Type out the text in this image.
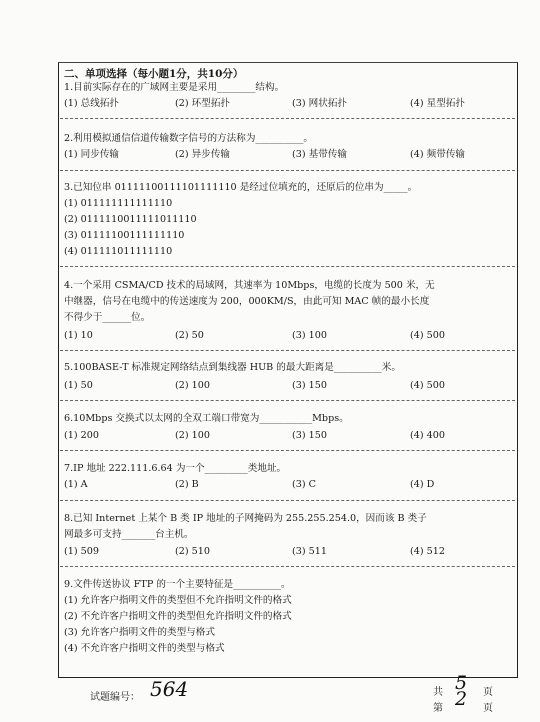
二、单项选择（每小题1分，共10分）
1.目前实际存在的广域网主要是采用________结构。
(1) 总线拓扑	(2) 环型拓扑	(3) 网状拓扑	(4) 星型拓扑
2.利用模拟通信信道传输数字信号的方法称为__________。
(1) 同步传输	(2) 异步传输	(3) 基带传输	(4) 频带传输
3.已知位串 01111100111101111110 是经过位填充的，还原后的位串为_____。
(1) 011111111111110
(2) 0111110011111011110
(3) 01111100111111110
(4) 011111011111110
4.一个采用 CSMA/CD 技术的局域网，其速率为 10Mbps，电缆的长度为 500 米，无
中继器，信号在电缆中的传送速度为 200，000KM/S，由此可知 MAC 帧的最小长度
不得少于______位。
(1) 10	(2) 50	(3) 100	(4) 500
5.100BASE-T 标准规定网络结点到集线器 HUB 的最大距离是__________米。
(1) 50	(2) 100	(3) 150	(4) 500
6.10Mbps 交换式以太网的全双工端口带宽为___________Mbps。
(1) 200	(2) 100	(3) 150	(4) 400
7.IP 地址 222.111.6.64 为一个_________类地址。
(1) A	(2) B	(3) C	(4) D
8.已知 Internet 上某个 B 类 IP 地址的子网掩码为 255.255.254.0，因而该 B 类子
网最多可支持_______台主机。
(1) 509	(2) 510	(3) 511	(4) 512
9.文件传送协议 FTP 的一个主要特征是__________。
(1) 允许客户指明文件的类型但不允许指明文件的格式
(2) 不允许客户指明文件的类型但允许指明文件的格式
(3) 允许客户指明文件的类型与格式
(4) 不允许客户指明文件的类型与格式
试题编号： 564	共 5 页
第 2 页
